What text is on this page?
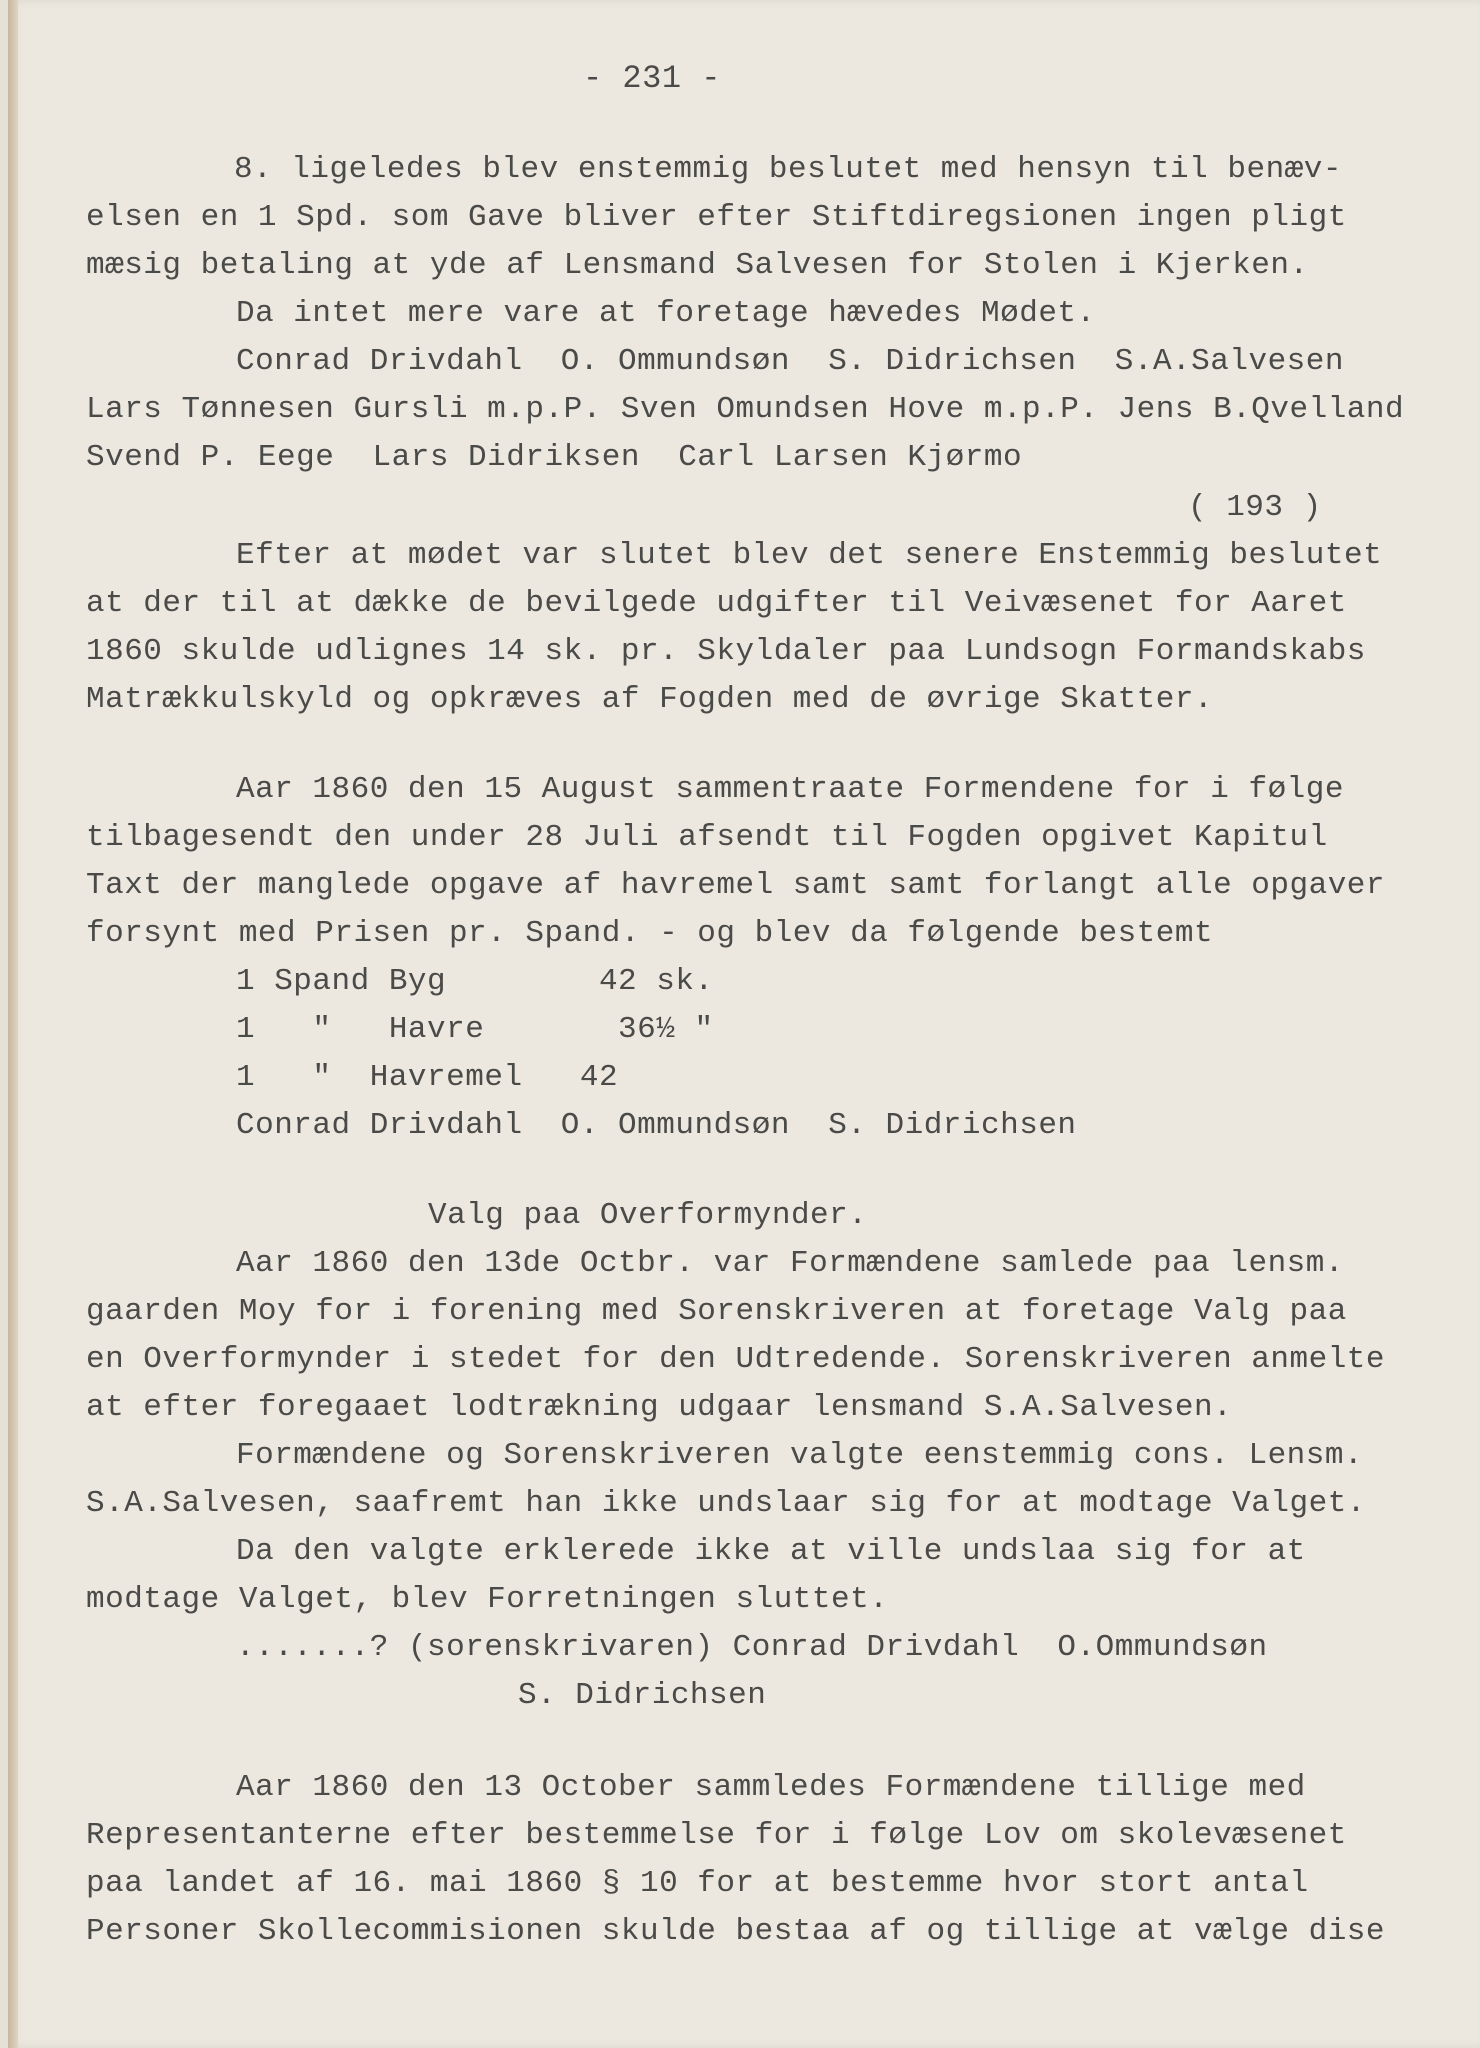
- 231 -
8. ligeledes blev enstemmig beslutet med hensyn til benæv-
elsen en 1 Spd. som Gave bliver efter Stiftdiregsionen ingen pligt
mæsig betaling at yde af Lensmand Salvesen for Stolen i Kjerken.
Da intet mere vare at foretage hævedes Mødet.
Conrad Drivdahl  O. Ommundsøn  S. Didrichsen  S.A.Salvesen
Lars Tønnesen Gursli m.p.P. Sven Omundsen Hove m.p.P. Jens B.Qvelland
Svend P. Eege  Lars Didriksen  Carl Larsen Kjørmo
( 193 )
Efter at mødet var slutet blev det senere Enstemmig beslutet
at der til at dække de bevilgede udgifter til Veivæsenet for Aaret
1860 skulde udlignes 14 sk. pr. Skyldaler paa Lundsogn Formandskabs
Matrækkulskyld og opkræves af Fogden med de øvrige Skatter.
Aar 1860 den 15 August sammentraate Formendene for i følge
tilbagesendt den under 28 Juli afsendt til Fogden opgivet Kapitul
Taxt der manglede opgave af havremel samt samt forlangt alle opgaver
forsynt med Prisen pr. Spand. - og blev da følgende bestemt
1 Spand Byg        42 sk.
1   "   Havre       36½ "
1   "  Havremel   42
Conrad Drivdahl  O. Ommundsøn  S. Didrichsen
Valg paa Overformynder.
Aar 1860 den 13de Octbr. var Formændene samlede paa lensm.
gaarden Moy for i forening med Sorenskriveren at foretage Valg paa
en Overformynder i stedet for den Udtredende. Sorenskriveren anmelte
at efter foregaaet lodtrækning udgaar lensmand S.A.Salvesen.
Formændene og Sorenskriveren valgte eenstemmig cons. Lensm.
S.A.Salvesen, saafremt han ikke undslaar sig for at modtage Valget.
Da den valgte erklerede ikke at ville undslaa sig for at
modtage Valget, blev Forretningen sluttet.
.......? (sorenskrivaren) Conrad Drivdahl  O.Ommundsøn
S. Didrichsen
Aar 1860 den 13 October sammledes Formændene tillige med
Representanterne efter bestemmelse for i følge Lov om skolevæsenet
paa landet af 16. mai 1860 § 10 for at bestemme hvor stort antal
Personer Skollecommisionen skulde bestaa af og tillige at vælge dise
